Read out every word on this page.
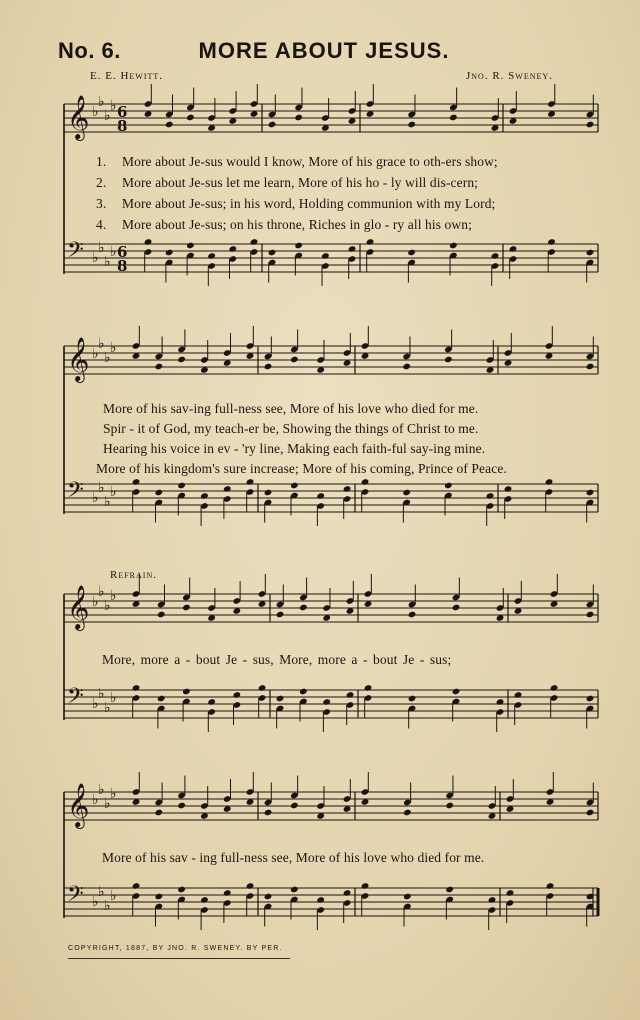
No. 6.	MORE ABOUT JESUS.
E. E. Hewitt.	Jno. R. Sweney.
𝄞 ♭
♭
♭
♭ 6
8
𝄢 ♭
♭
♭
♭ 6
8
𝄞 ♭
♭
♭
♭
𝄢 ♭
♭
♭
♭
𝄞 ♭
♭
♭
♭
𝄢 ♭
♭
♭
♭
𝄞 ♭
♭
♭
♭
𝄢 ♭
♭
♭
♭
1. More about Je-sus would I know, More of his grace to oth-ers show;
2. More about Je-sus let me learn, More of his ho - ly will dis-cern;
3. More about Je-sus; in his word, Holding communion with my Lord;
4. More about Je-sus; on his throne, Riches in glo - ry all his own;
More of his sav-ing full-ness see, More of his love who died for me.
Spir - it of God, my teach-er be, Showing the things of Christ to me.
Hearing his voice in ev - 'ry line, Making each faith-ful say-ing mine.
More of his kingdom's sure increase; More of his coming, Prince of Peace.
Refrain.
More, more a - bout Je - sus, More, more a - bout Je - sus;
More of his sav - ing full-ness see, More of his love who died for me.
COPYRIGHT, 1887, BY JNO. R. SWENEY. BY PER.
